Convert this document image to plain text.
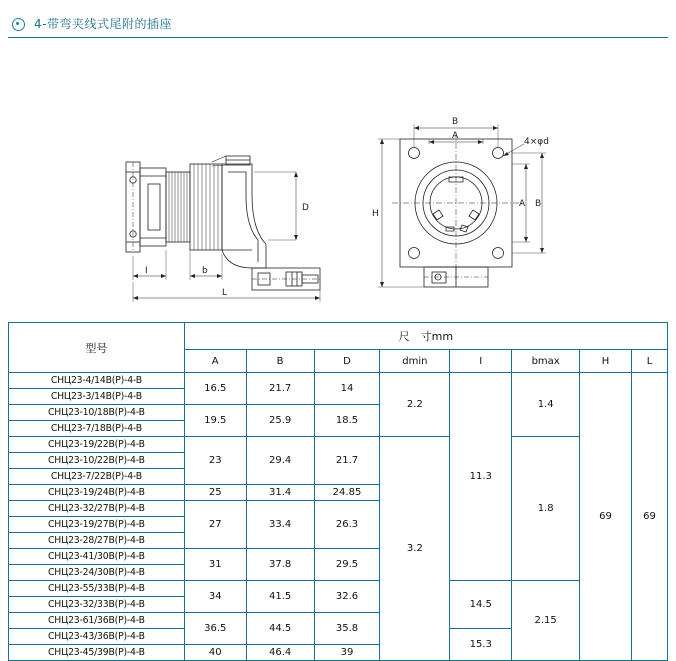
4-带弯夹线式尾附的插座
D
I	b
L
B
A
4×φd
A B
H
型号	尺　寸mm							
	A	B	D	dmin	I	bmax	H	L
CHЦ23-4/14B(P)-4-B	16.5	21.7	14	2.2	11.3	1.4	69	69
CHЦ23-3/14B(P)-4-B								
CHЦ23-10/18B(P)-4-B	19.5	25.9	18.5					
CHЦ23-7/18B(P)-4-B								
CHЦ23-19/22B(P)-4-B	23	29.4	21.7	3.2		1.8		
CHЦ23-10/22B(P)-4-B								
CHЦ23-7/22B(P)-4-B								
CHЦ23-19/24B(P)-4-B	25	31.4	24.85					
CHЦ23-32/27B(P)-4-B	27	33.4	26.3					
CHЦ23-19/27B(P)-4-B								
CHЦ23-28/27B(P)-4-B								
CHЦ23-41/30B(P)-4-B	31	37.8	29.5					
CHЦ23-24/30B(P)-4-B								
CHЦ23-55/33B(P)-4-B	34	41.5	32.6		14.5	2.15		
CHЦ23-32/33B(P)-4-B								
CHЦ23-61/36B(P)-4-B	36.5	44.5	35.8					
CHЦ23-43/36B(P)-4-B					15.3			
CHЦ23-45/39B(P)-4-B	40	46.4	39					
